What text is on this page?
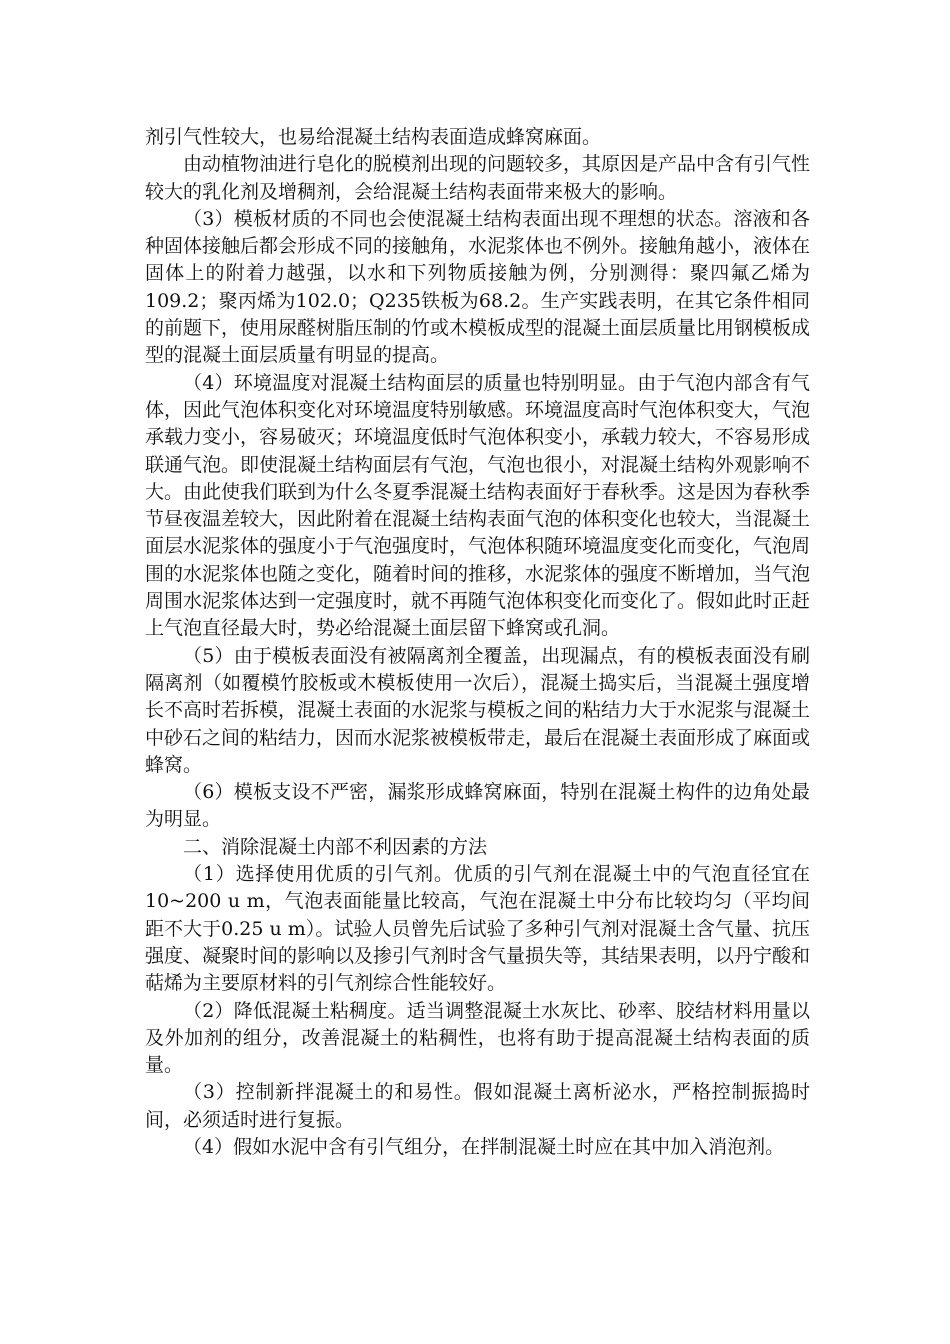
剂引气性较大，也易给混凝土结构表面造成蜂窝麻面。

由动植物油进行皂化的脱模剂出现的问题较多，其原因是产品中含有引气性较大的乳化剂及增稠剂，会给混凝土结构表面带来极大的影响。

（3）模板材质的不同也会使混凝土结构表面出现不理想的状态。溶液和各种固体接触后都会形成不同的接触角，水泥浆体也不例外。接触角越小，液体在固体上的附着力越强，以水和下列物质接触为例，分别测得：聚四氟乙烯为109.2；聚丙烯为102.0；Q235铁板为68.2。生产实践表明，在其它条件相同的前题下，使用尿醛树脂压制的竹或木模板成型的混凝土面层质量比用钢模板成型的混凝土面层质量有明显的提高。

（4）环境温度对混凝土结构面层的质量也特别明显。由于气泡内部含有气体，因此气泡体积变化对环境温度特别敏感。环境温度高时气泡体积变大，气泡承载力变小，容易破灭；环境温度低时气泡体积变小，承载力较大，不容易形成联通气泡。即使混凝土结构面层有气泡，气泡也很小，对混凝土结构外观影响不大。由此使我们联到为什么冬夏季混凝土结构表面好于春秋季。这是因为春秋季节昼夜温差较大，因此附着在混凝土结构表面气泡的体积变化也较大，当混凝土面层水泥浆体的强度小于气泡强度时，气泡体积随环境温度变化而变化，气泡周围的水泥浆体也随之变化，随着时间的推移，水泥浆体的强度不断增加，当气泡周围水泥浆体达到一定强度时，就不再随气泡体积变化而变化了。假如此时正赶上气泡直径最大时，势必给混凝土面层留下蜂窝或孔洞。

（5）由于模板表面没有被隔离剂全覆盖，出现漏点，有的模板表面没有刷隔离剂（如覆模竹胶板或木模板使用一次后），混凝土捣实后，当混凝土强度增长不高时若拆模，混凝土表面的水泥浆与模板之间的粘结力大于水泥浆与混凝土中砂石之间的粘结力，因而水泥浆被模板带走，最后在混凝土表面形成了麻面或蜂窝。

（6）模板支设不严密，漏浆形成蜂窝麻面，特别在混凝土构件的边角处最为明显。

二、消除混凝土内部不利因素的方法

（1）选择使用优质的引气剂。优质的引气剂在混凝土中的气泡直径宜在10~200 u m，气泡表面能量比较高，气泡在混凝土中分布比较均匀（平均间距不大于0.25 u m）。试验人员曾先后试验了多种引气剂对混凝土含气量、抗压强度、凝聚时间的影响以及掺引气剂时含气量损失等，其结果表明，以丹宁酸和萜烯为主要原材料的引气剂综合性能较好。

（2）降低混凝土粘稠度。适当调整混凝土水灰比、砂率、胶结材料用量以及外加剂的组分，改善混凝土的粘稠性，也将有助于提高混凝土结构表面的质量。

（3）控制新拌混凝土的和易性。假如混凝土离析泌水，严格控制振捣时间，必须适时进行复振。

（4）假如水泥中含有引气组分，在拌制混凝土时应在其中加入消泡剂。
